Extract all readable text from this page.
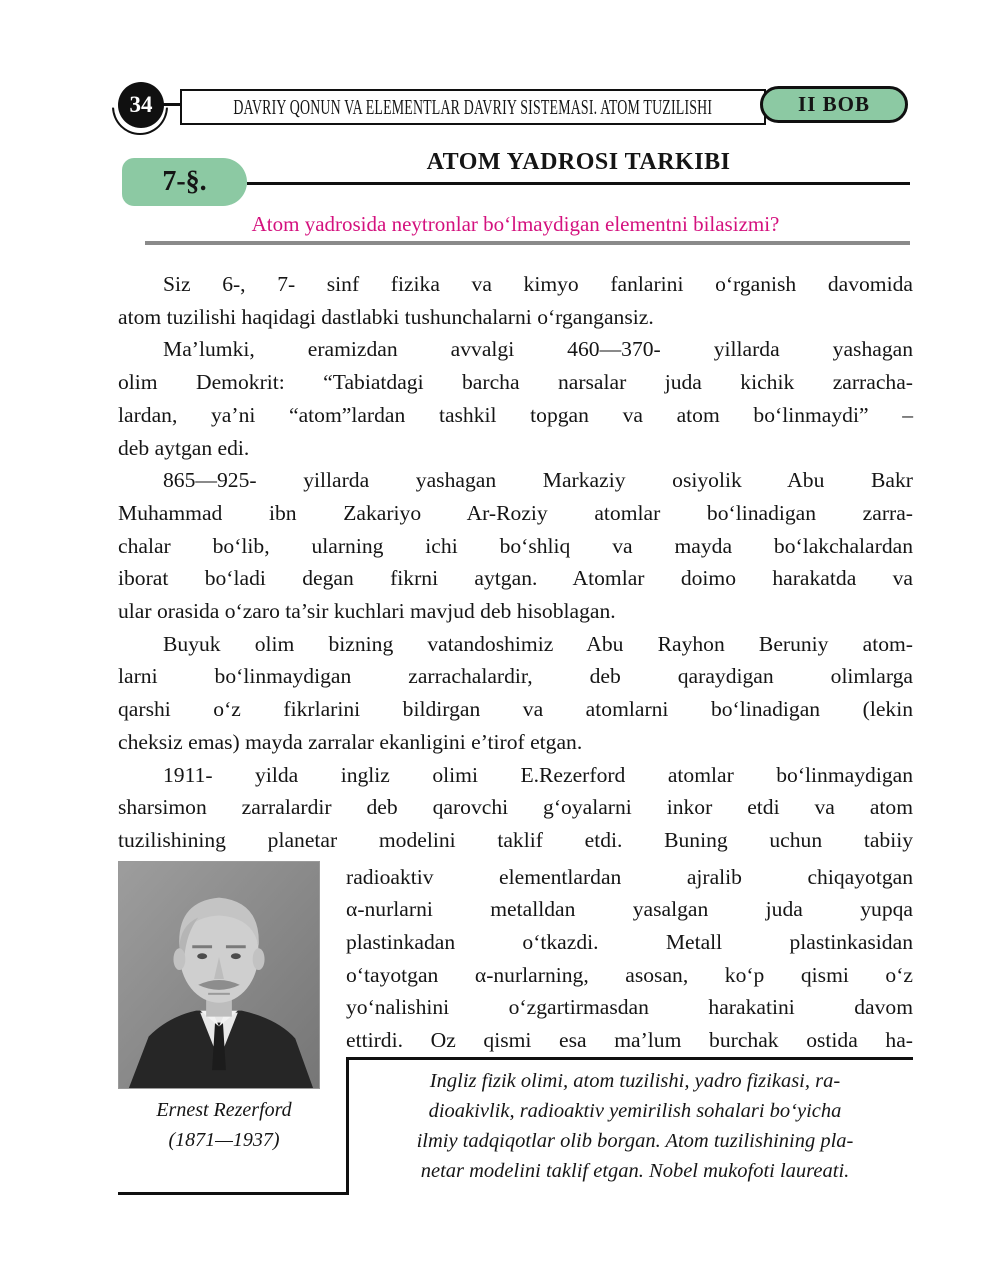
34	DAVRIY QONUN VA ELEMENTLAR DAVRIY SISTEMASI. ATOM TUZILISHI	II BOB
7-§.
ATOM YADROSI TARKIBI
Atom yadrosida neytronlar bo‘lmaydigan elementni bilasizmi?
Siz 6-, 7- sinf fizika va kimyo fanlarini o‘rganish davomida
atom tuzilishi haqidagi dastlabki tushunchalarni o‘rgangansiz.
Ma’lumki, eramizdan avvalgi 460—370- yillarda yashagan
olim Demokrit: “Tabiatdagi barcha narsalar juda kichik zarracha-
lardan, ya’ni “atom”lardan tashkil topgan va atom bo‘linmaydi” –
deb aytgan edi.
865—925- yillarda yashagan Markaziy osiyolik Abu Bakr
Muhammad ibn Zakariyo Ar-Roziy atomlar bo‘linadigan zarra-
chalar bo‘lib, ularning ichi bo‘shliq va mayda bo‘lakchalardan
iborat bo‘ladi degan fikrni aytgan. Atomlar doimo harakatda va
ular orasida o‘zaro ta’sir kuchlari mavjud deb hisoblagan.
Buyuk olim bizning vatandoshimiz Abu Rayhon Beruniy atom-
larni bo‘linmaydigan zarrachalardir, deb qaraydigan olimlarga
qarshi o‘z fikrlarini bildirgan va atomlarni bo‘linadigan (lekin
cheksiz emas) mayda zarralar ekanligini e’tirof etgan.
1911- yilda ingliz olimi E.Rezerford atomlar bo‘linmaydigan
sharsimon zarralardir deb qarovchi g‘oyalarni inkor etdi va atom
tuzilishining planetar modelini taklif etdi. Buning uchun tabiiy
Ernest Rezerford
(1871—1937)
radioaktiv elementlardan ajralib chiqayotgan
α-nurlarni metalldan yasalgan juda yupqa
plastinkadan o‘tkazdi. Metall plastinkasidan
o‘tayotgan α-nurlarning, asosan, ko‘p qismi o‘z
yo‘nalishini o‘zgartirmasdan harakatini davom
ettirdi. Oz qismi esa ma’lum burchak ostida ha-
Ingliz fizik olimi, atom tuzilishi, yadro fizikasi, ra-
dioakivlik, radioaktiv yemirilish sohalari bo‘yicha
ilmiy tadqiqotlar olib borgan. Atom tuzilishining pla-
netar modelini taklif etgan. Nobel mukofoti laureati.
